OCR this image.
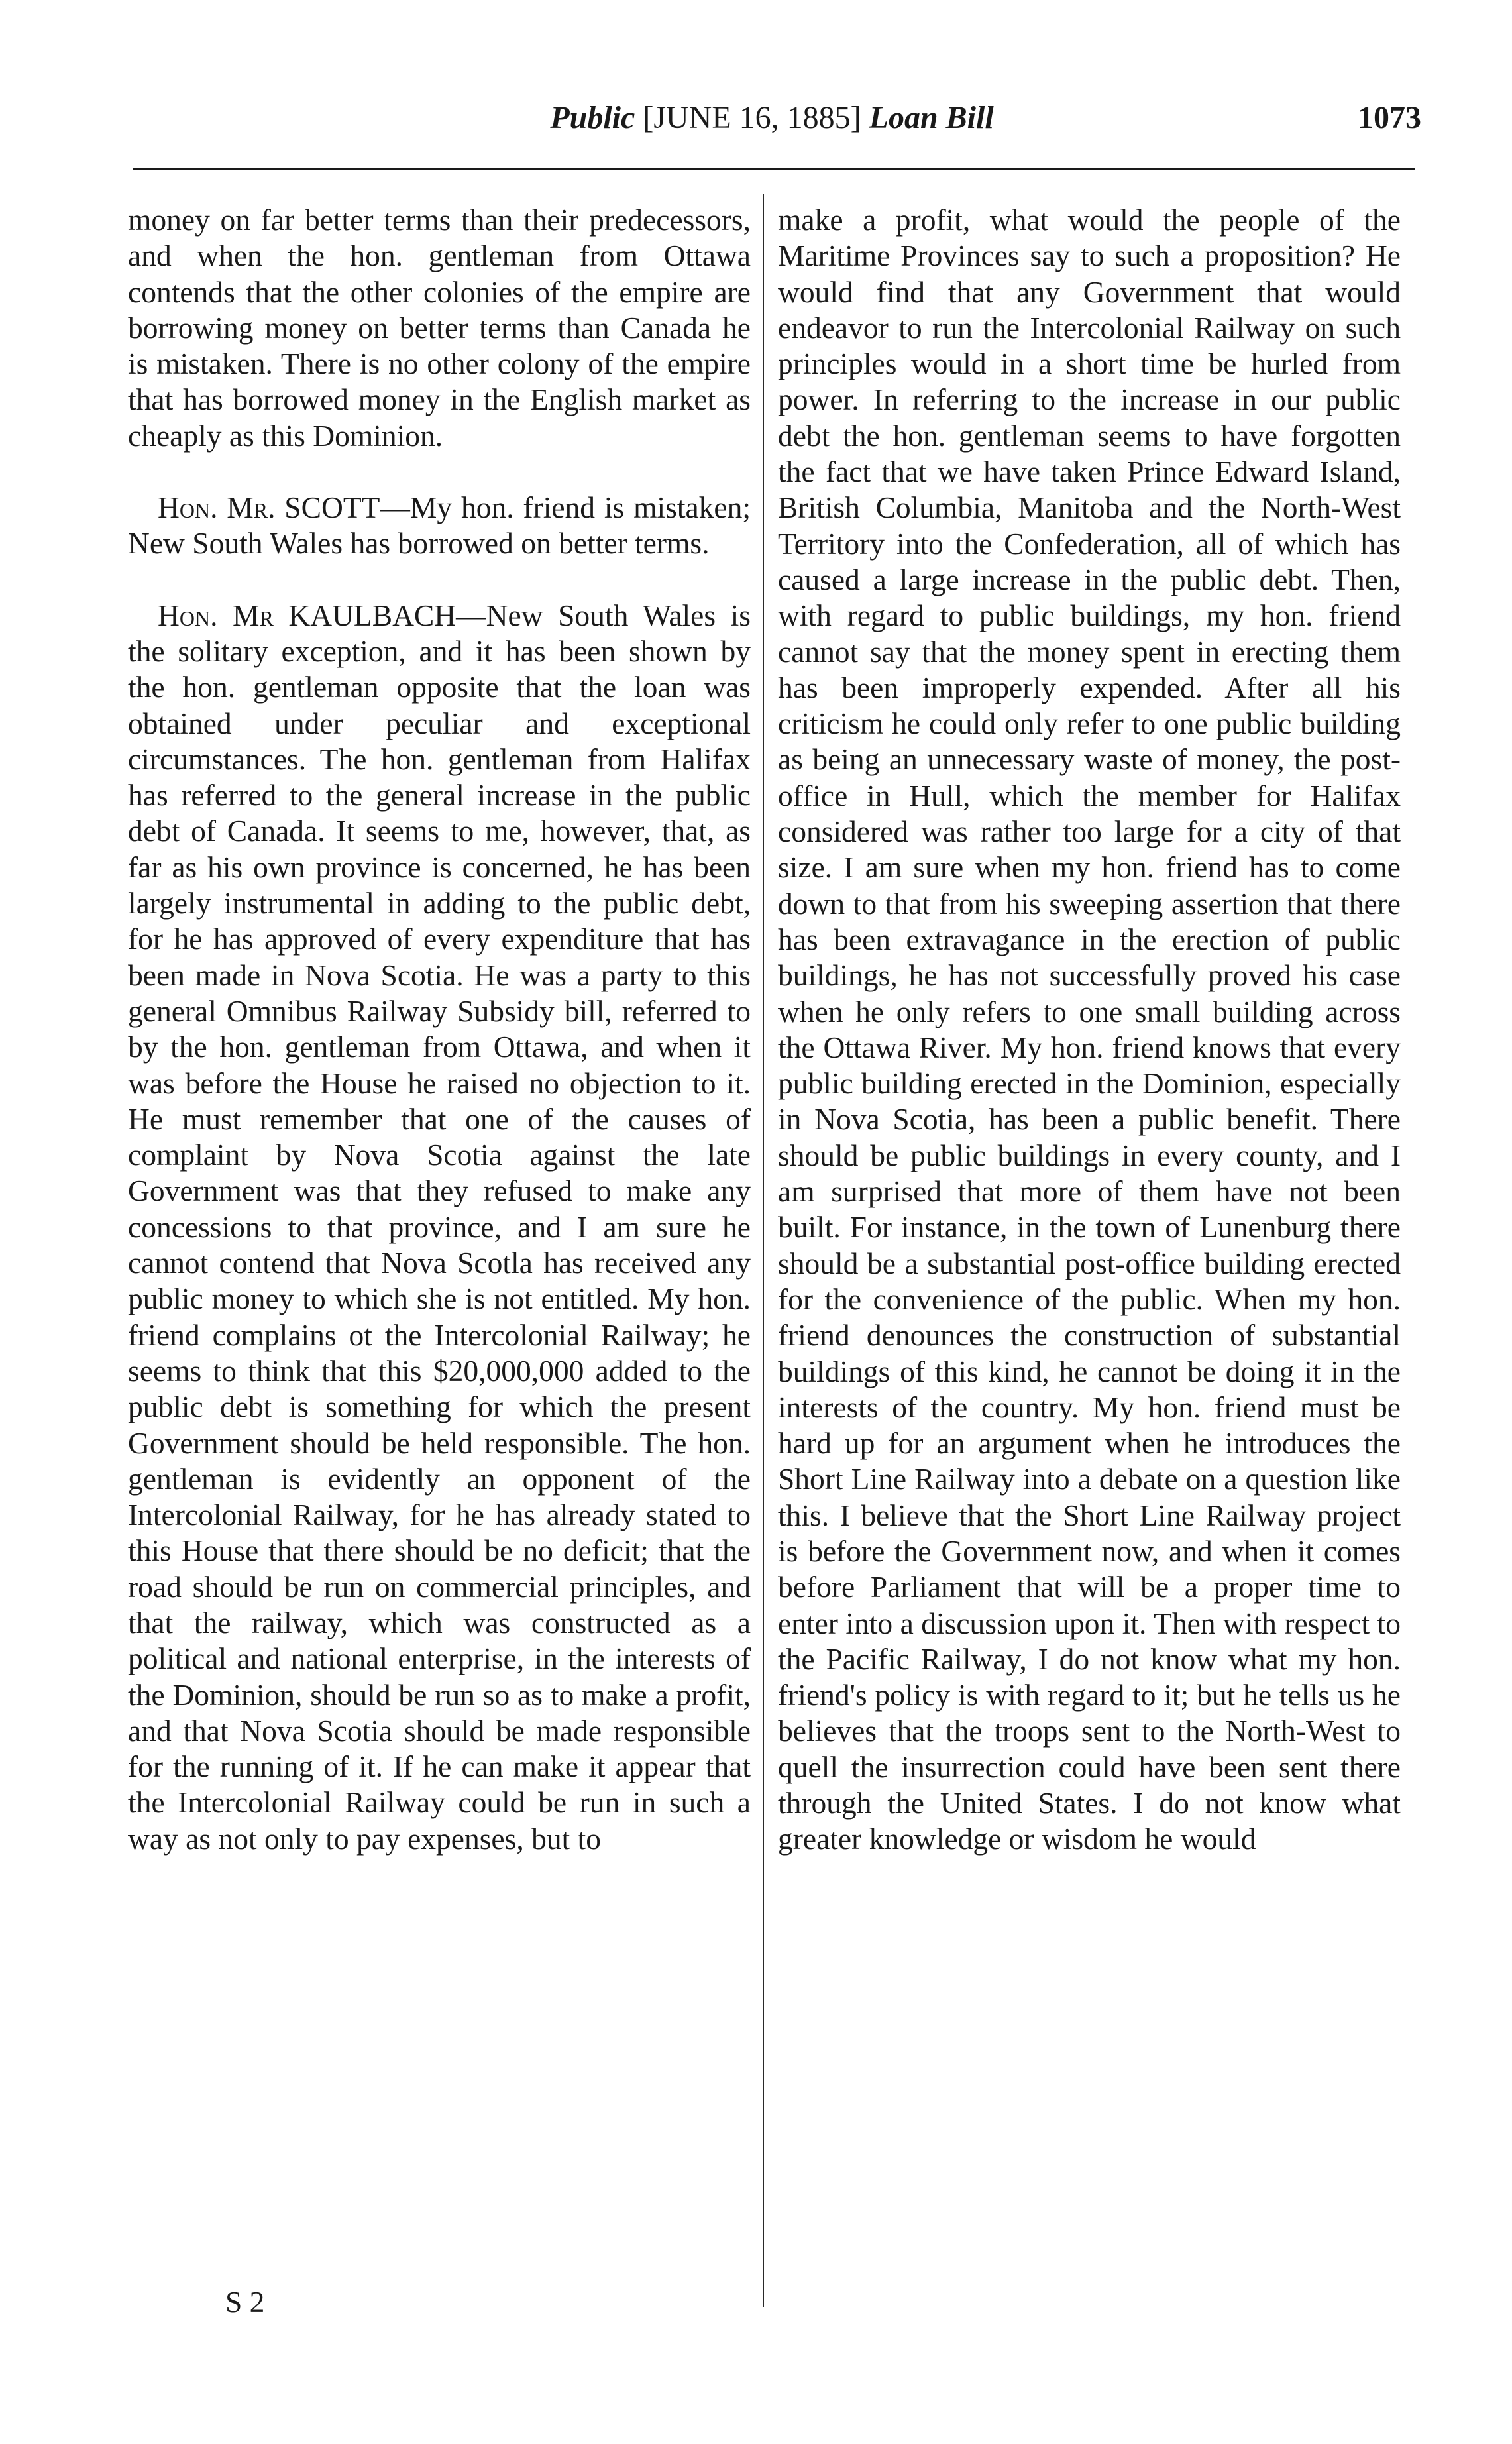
Public [JUNE 16, 1885] Loan Bill	1073

money on far better terms than their predecessors, and when the hon. gentleman from Ottawa contends that the other colonies of the empire are borrowing money on better terms than Canada he is mistaken. There is no other colony of the empire that has borrowed money in the English market as cheaply as this Dominion.

Hon. Mr. SCOTT—My hon. friend is mistaken; New South Wales has borrowed on better terms.

Hon. Mr KAULBACH—New South Wales is the solitary exception, and it has been shown by the hon. gentleman opposite that the loan was obtained under peculiar and exceptional circumstances. The hon. gentleman from Halifax has referred to the general increase in the public debt of Canada. It seems to me, however, that, as far as his own province is concerned, he has been largely instrumental in adding to the public debt, for he has approved of every expenditure that has been made in Nova Scotia. He was a party to this general Omnibus Railway Subsidy bill, referred to by the hon. gentleman from Ottawa, and when it was before the House he raised no objection to it. He must remember that one of the causes of complaint by Nova Scotia against the late Government was that they refused to make any concessions to that province, and I am sure he cannot contend that Nova Scotla has received any public money to which she is not entitled. My hon. friend complains ot the Intercolonial Railway; he seems to think that this $20,000,000 added to the public debt is something for which the present Government should be held responsible. The hon. gentleman is evidently an opponent of the Intercolonial Railway, for he has already stated to this House that there should be no deficit; that the road should be run on commercial principles, and that the railway, which was constructed as a political and national enterprise, in the interests of the Dominion, should be run so as to make a profit, and that Nova Scotia should be made responsible for the running of it. If he can make it appear that the Intercolonial Railway could be run in such a way as not only to pay expenses, but to

make a profit, what would the people of the Maritime Provinces say to such a proposition? He would find that any Government that would endeavor to run the Intercolonial Railway on such principles would in a short time be hurled from power. In referring to the increase in our public debt the hon. gentleman seems to have forgotten the fact that we have taken Prince Edward Island, British Columbia, Manitoba and the North-West Territory into the Confederation, all of which has caused a large increase in the public debt. Then, with regard to public buildings, my hon. friend cannot say that the money spent in erecting them has been improperly expended. After all his criticism he could only refer to one public building as being an unnecessary waste of money, the post-office in Hull, which the member for Halifax considered was rather too large for a city of that size. I am sure when my hon. friend has to come down to that from his sweeping assertion that there has been extravagance in the erection of public buildings, he has not successfully proved his case when he only refers to one small building across the Ottawa River. My hon. friend knows that every public building erected in the Dominion, especially in Nova Scotia, has been a public benefit. There should be public buildings in every county, and I am surprised that more of them have not been built. For instance, in the town of Lunenburg there should be a substantial post-office building erected for the convenience of the public. When my hon. friend denounces the construction of substantial buildings of this kind, he cannot be doing it in the interests of the country. My hon. friend must be hard up for an argument when he introduces the Short Line Railway into a debate on a question like this. I believe that the Short Line Railway project is before the Government now, and when it comes before Parliament that will be a proper time to enter into a discussion upon it. Then with respect to the Pacific Railway, I do not know what my hon. friend's policy is with regard to it; but he tells us he believes that the troops sent to the North-West to quell the insurrection could have been sent there through the United States. I do not know what greater knowledge or wisdom he would

S 2
